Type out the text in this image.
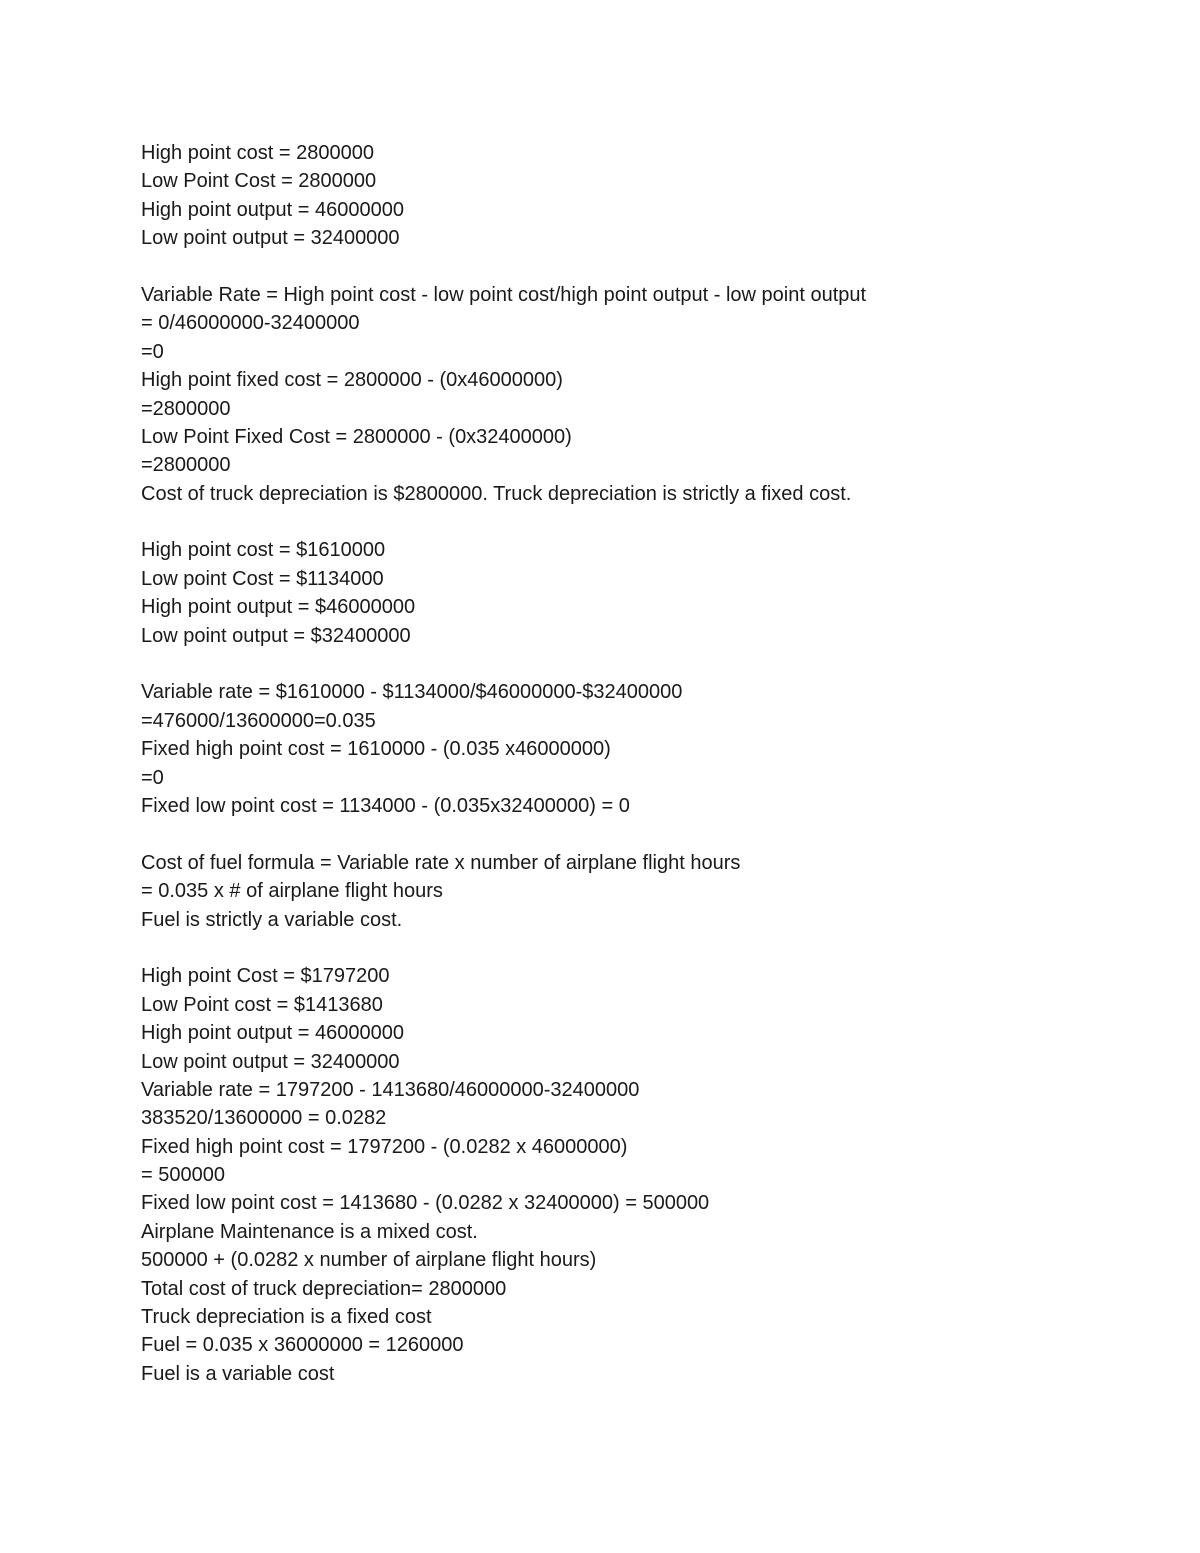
High point cost = 2800000
Low Point Cost = 2800000
High point output = 46000000
Low point output = 32400000
Variable Rate = High point cost - low point cost/high point output - low point output
= 0/46000000-32400000
=0
High point fixed cost = 2800000 - (0x46000000)
=2800000
Low Point Fixed Cost = 2800000 - (0x32400000)
=2800000
Cost of truck depreciation is $2800000. Truck depreciation is strictly a fixed cost.
High point cost = $1610000
Low point Cost = $1134000
High point output = $46000000
Low point output = $32400000
Variable rate = $1610000 - $1134000/$46000000-$32400000
=476000/13600000=0.035
Fixed high point cost = 1610000 - (0.035 x46000000)
=0
Fixed low point cost = 1134000 - (0.035x32400000) = 0
Cost of fuel formula = Variable rate x number of airplane flight hours
= 0.035 x # of airplane flight hours
Fuel is strictly a variable cost.
High point Cost = $1797200
Low Point cost = $1413680
High point output = 46000000
Low point output = 32400000
Variable rate = 1797200 - 1413680/46000000-32400000
383520/13600000 = 0.0282
Fixed high point cost = 1797200 - (0.0282 x 46000000)
= 500000
Fixed low point cost = 1413680 - (0.0282 x 32400000) = 500000
Airplane Maintenance is a mixed cost.
500000 + (0.0282 x number of airplane flight hours)
Total cost of truck depreciation= 2800000
Truck depreciation is a fixed cost
Fuel = 0.035 x 36000000 = 1260000
Fuel is a variable cost
